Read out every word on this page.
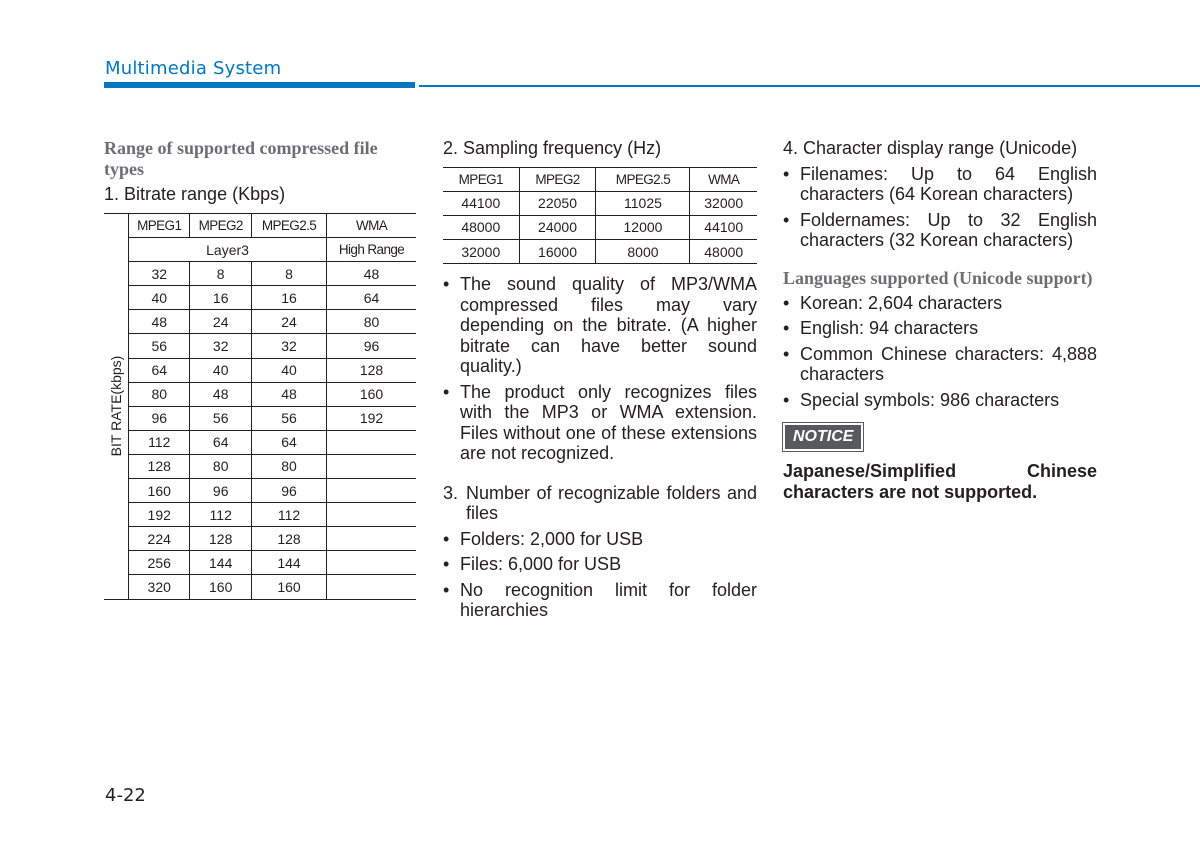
Multimedia System

Range of supported compressed file types

1. Bitrate range (Kbps)

BIT RATE(kbps)	MPEG1	MPEG2	MPEG2.5	WMA
	Layer3			High Range
	32	8	8	48
	40	16	16	64
	48	24	24	80
	56	32	32	96
	64	40	40	128
	80	48	48	160
	96	56	56	192
	112	64	64	
	128	80	80	
	160	96	96	
	192	112	112	
	224	128	128	
	256	144	144	
	320	160	160	

2. Sampling frequency (Hz)

MPEG1	MPEG2	MPEG2.5	WMA
44100	22050	11025	32000
48000	24000	12000	44100
32000	16000	8000	48000
• The sound quality of MP3/WMA compressed files may vary depending on the bitrate. (A higher bitrate can have better sound quality.)
• The product only recognizes files with the MP3 or WMA extension. Files without one of these extensions are not recognized.
3. Number of recognizable folders and files
• Folders: 2,000 for USB
• Files: 6,000 for USB
• No recognition limit for folder hierarchies

4. Character display range (Unicode)

• Filenames: Up to 64 English characters (64 Korean characters)
• Foldernames: Up to 32 English characters (32 Korean characters)

Languages supported (Unicode support)

• Korean: 2,604 characters
• English: 94 characters
• Common Chinese characters: 4,888 characters
• Special symbols: 986 characters
NOTICE

Japanese/Simplified Chinese characters are not supported.

4-22
